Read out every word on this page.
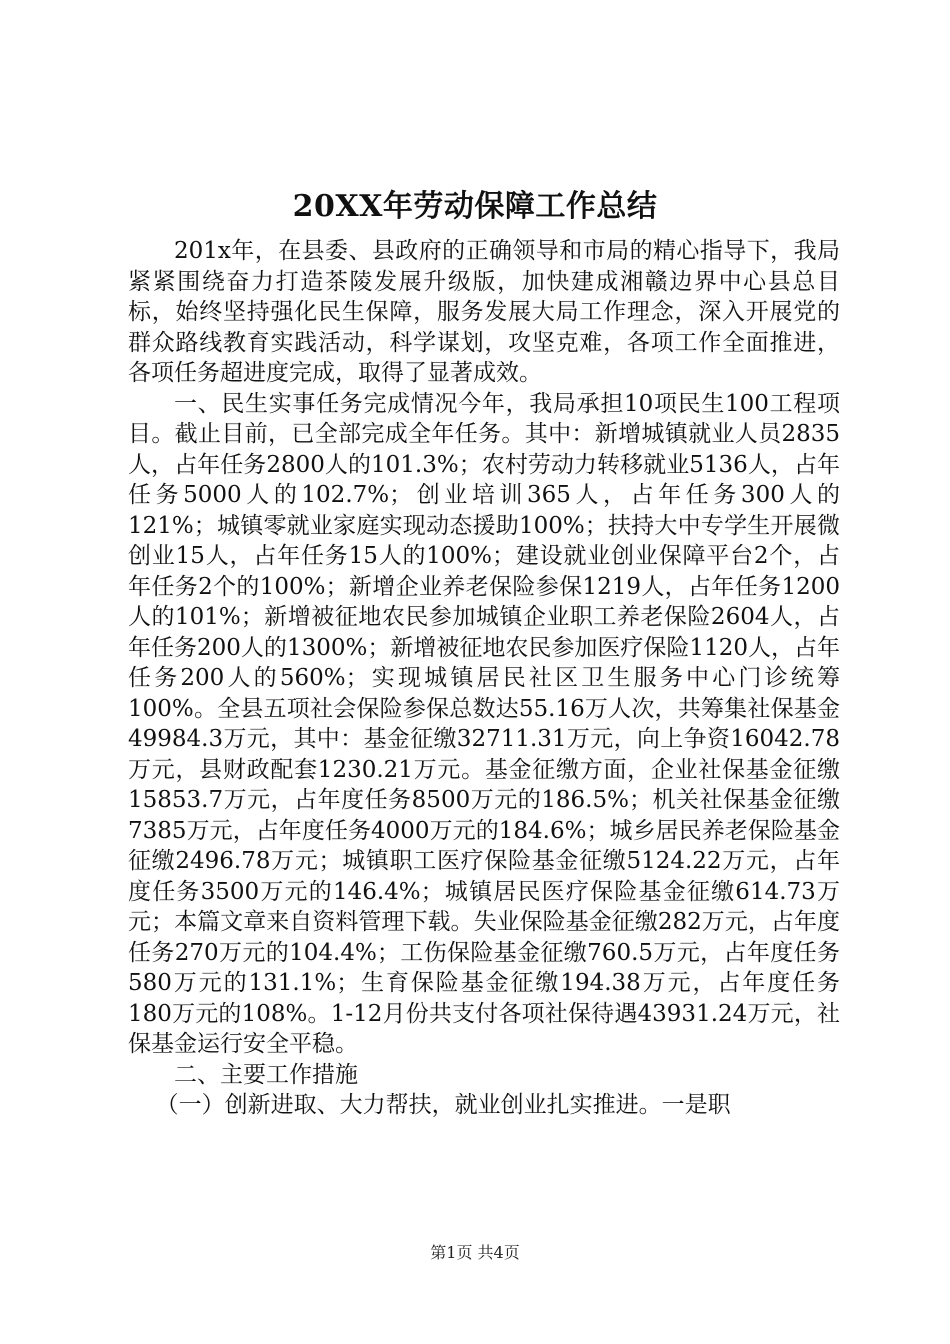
20XX年劳动保障工作总结

201x年，在县委、县政府的正确领导和市局的精心指导下，我局紧紧围绕奋力打造茶陵发展升级版，加快建成湘赣边界中心县总目标，始终坚持强化民生保障，服务发展大局工作理念，深入开展党的群众路线教育实践活动，科学谋划，攻坚克难，各项工作全面推进，各项任务超进度完成，取得了显著成效。

一、民生实事任务完成情况今年，我局承担10项民生100工程项目。截止目前，已全部完成全年任务。其中：新增城镇就业人员2835人，占年任务2800人的101.3%；农村劳动力转移就业5136人，占年任务5000人的102.7%；创业培训365人，占年任务300人的121%；城镇零就业家庭实现动态援助100%；扶持大中专学生开展微创业15人，占年任务15人的100%；建设就业创业保障平台2个，占年任务2个的100%；新增企业养老保险参保1219人，占年任务1200人的101%；新增被征地农民参加城镇企业职工养老保险2604人，占年任务200人的1300%；新增被征地农民参加医疗保险1120人，占年任务200人的560%；实现城镇居民社区卫生服务中心门诊统筹100%。全县五项社会保险参保总数达55.16万人次，共筹集社保基金49984.3万元，其中：基金征缴32711.31万元，向上争资16042.78万元，县财政配套1230.21万元。基金征缴方面，企业社保基金征缴15853.7万元，占年度任务8500万元的186.5%；机关社保基金征缴7385万元，占年度任务4000万元的184.6%；城乡居民养老保险基金征缴2496.78万元；城镇职工医疗保险基金征缴5124.22万元，占年度任务3500万元的146.4%；城镇居民医疗保险基金征缴614.73万元；本篇文章来自资料管理下载。失业保险基金征缴282万元，占年度任务270万元的104.4%；工伤保险基金征缴760.5万元，占年度任务580万元的131.1%；生育保险基金征缴194.38万元，占年度任务180万元的108%。1-12月份共支付各项社保待遇43931.24万元，社保基金运行安全平稳。

二、主要工作措施

（一）创新进取、大力帮扶，就业创业扎实推进。一是职

第1页 共4页
